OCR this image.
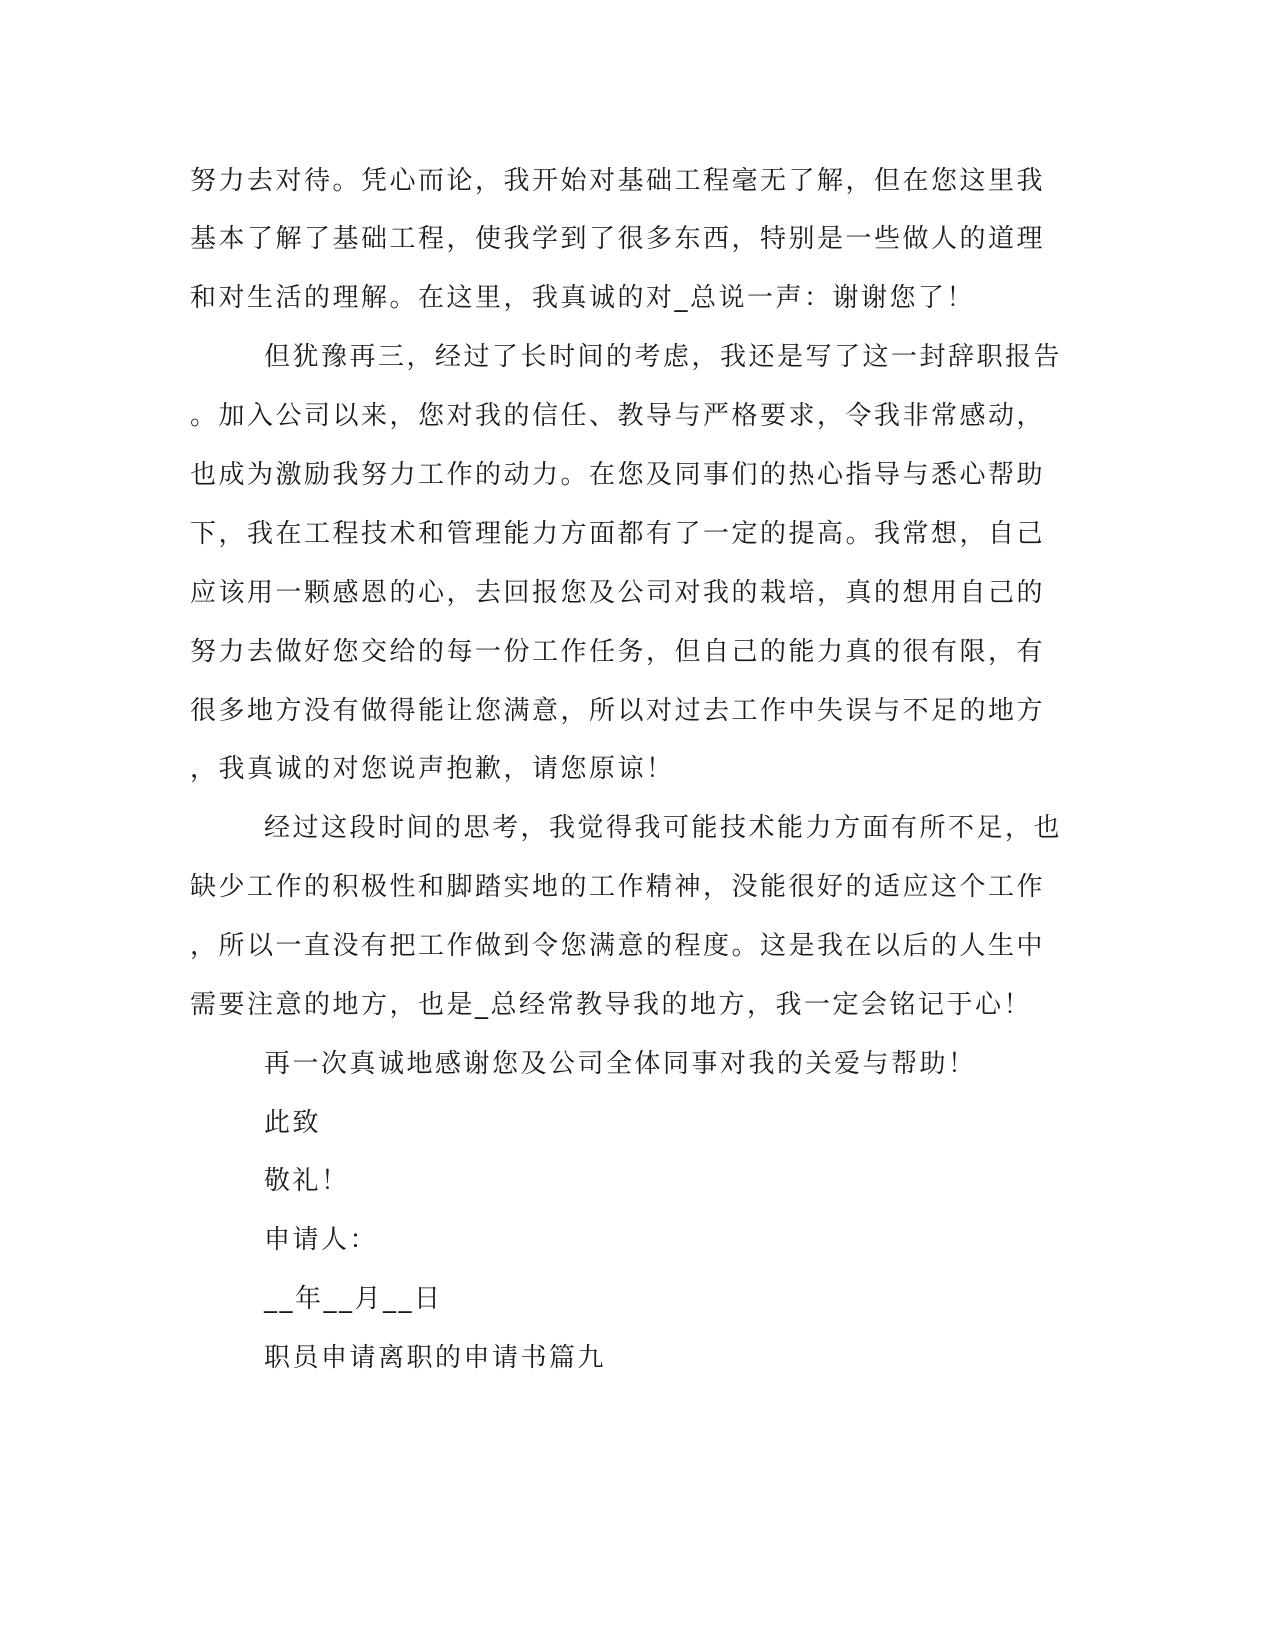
努力去对待。凭心而论，我开始对基础工程毫无了解，但在您这里我
基本了解了基础工程，使我学到了很多东西，特别是一些做人的道理
和对生活的理解。在这里，我真诚的对_总说一声：谢谢您了！
但犹豫再三，经过了长时间的考虑，我还是写了这一封辞职报告
。加入公司以来，您对我的信任、教导与严格要求，令我非常感动，
也成为激励我努力工作的动力。在您及同事们的热心指导与悉心帮助
下，我在工程技术和管理能力方面都有了一定的提高。我常想，自己
应该用一颗感恩的心，去回报您及公司对我的栽培，真的想用自己的
努力去做好您交给的每一份工作任务，但自己的能力真的很有限，有
很多地方没有做得能让您满意，所以对过去工作中失误与不足的地方
，我真诚的对您说声抱歉，请您原谅！
经过这段时间的思考，我觉得我可能技术能力方面有所不足，也
缺少工作的积极性和脚踏实地的工作精神，没能很好的适应这个工作
，所以一直没有把工作做到令您满意的程度。这是我在以后的人生中
需要注意的地方，也是_总经常教导我的地方，我一定会铭记于心！
再一次真诚地感谢您及公司全体同事对我的关爱与帮助！
此致
敬礼！
申请人：
__年__月__日
职员申请离职的申请书篇九
